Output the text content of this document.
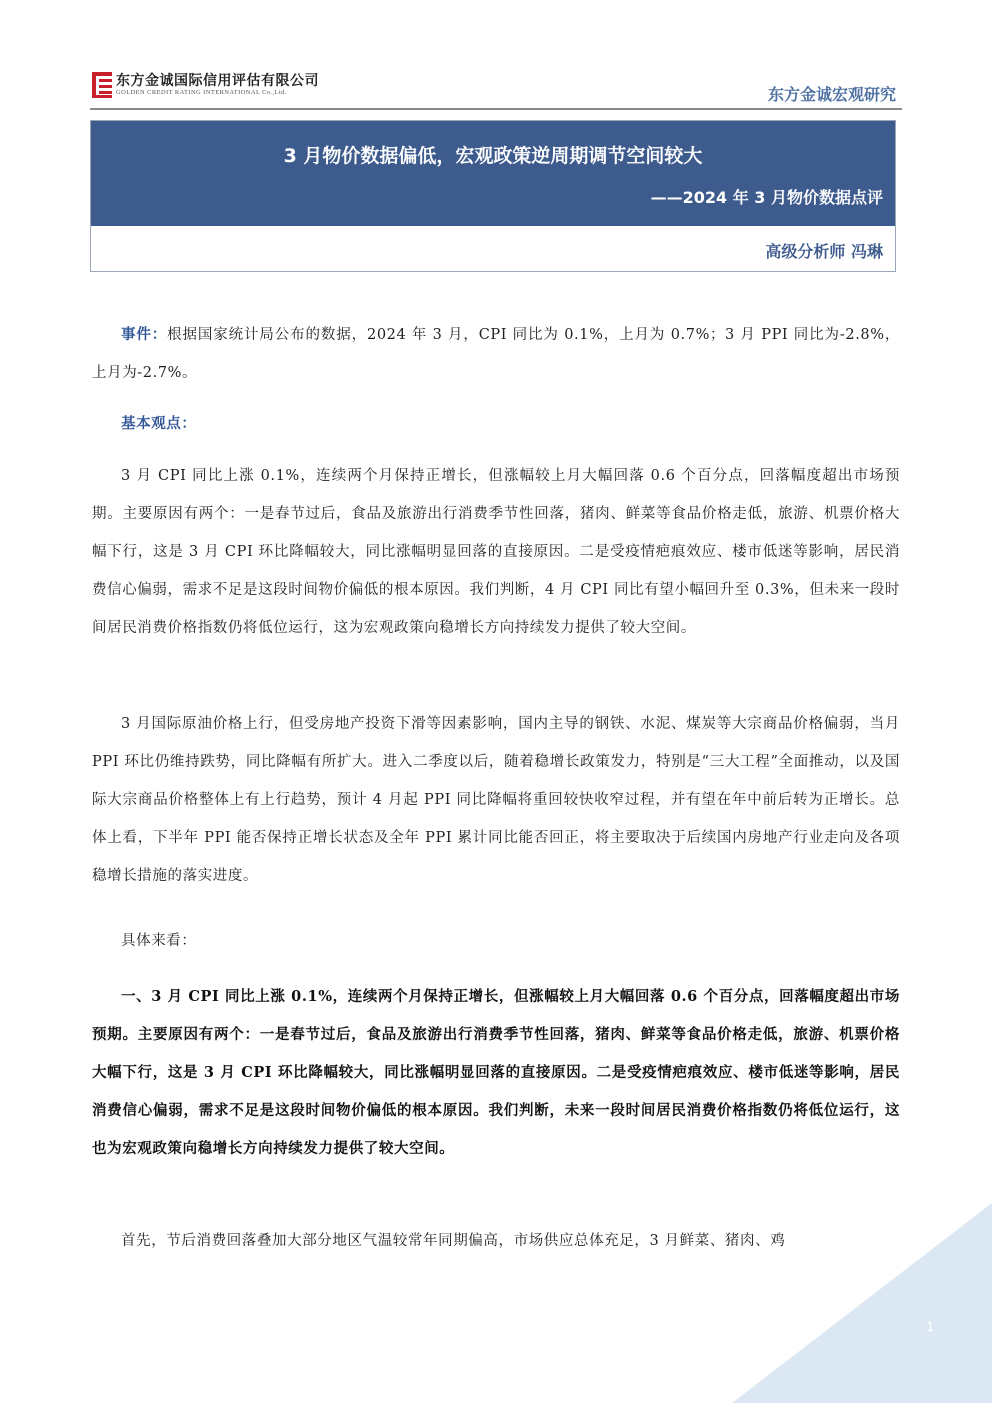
东方金诚国际信用评估有限公司
GOLDEN CREDIT RATING INTERNATIONAL Co.,Ltd.	东方金诚宏观研究
3 月物价数据偏低，宏观政策逆周期调节空间较大
——2024 年 3 月物价数据点评
高级分析师 冯琳
事件：根据国家统计局公布的数据，2024 年 3 月，CPI 同比为 0.1%，上月为 0.7%；3 月 PPI 同比为-2.8%，上月为-2.7%。
基本观点：
3 月 CPI 同比上涨 0.1%，连续两个月保持正增长，但涨幅较上月大幅回落 0.6 个百分点，回落幅度超出市场预期。主要原因有两个：一是春节过后，食品及旅游出行消费季节性回落，猪肉、鲜菜等食品价格走低，旅游、机票价格大幅下行，这是 3 月 CPI 环比降幅较大，同比涨幅明显回落的直接原因。二是受疫情疤痕效应、楼市低迷等影响，居民消费信心偏弱，需求不足是这段时间物价偏低的根本原因。我们判断，4 月 CPI 同比有望小幅回升至 0.3%，但未来一段时间居民消费价格指数仍将低位运行，这为宏观政策向稳增长方向持续发力提供了较大空间。
3 月国际原油价格上行，但受房地产投资下滑等因素影响，国内主导的钢铁、水泥、煤炭等大宗商品价格偏弱，当月 PPI 环比仍维持跌势，同比降幅有所扩大。进入二季度以后，随着稳增长政策发力，特别是“三大工程”全面推动，以及国际大宗商品价格整体上有上行趋势，预计 4 月起 PPI 同比降幅将重回较快收窄过程，并有望在年中前后转为正增长。总体上看，下半年 PPI 能否保持正增长状态及全年 PPI 累计同比能否回正，将主要取决于后续国内房地产行业走向及各项稳增长措施的落实进度。
具体来看：
一、3 月 CPI 同比上涨 0.1%，连续两个月保持正增长，但涨幅较上月大幅回落 0.6 个百分点，回落幅度超出市场预期。主要原因有两个：一是春节过后，食品及旅游出行消费季节性回落，猪肉、鲜菜等食品价格走低，旅游、机票价格大幅下行，这是 3 月 CPI 环比降幅较大，同比涨幅明显回落的直接原因。二是受疫情疤痕效应、楼市低迷等影响，居民消费信心偏弱，需求不足是这段时间物价偏低的根本原因。我们判断，未来一段时间居民消费价格指数仍将低位运行，这也为宏观政策向稳增长方向持续发力提供了较大空间。
首先，节后消费回落叠加大部分地区气温较常年同期偏高，市场供应总体充足，3 月鲜菜、猪肉、鸡
1
